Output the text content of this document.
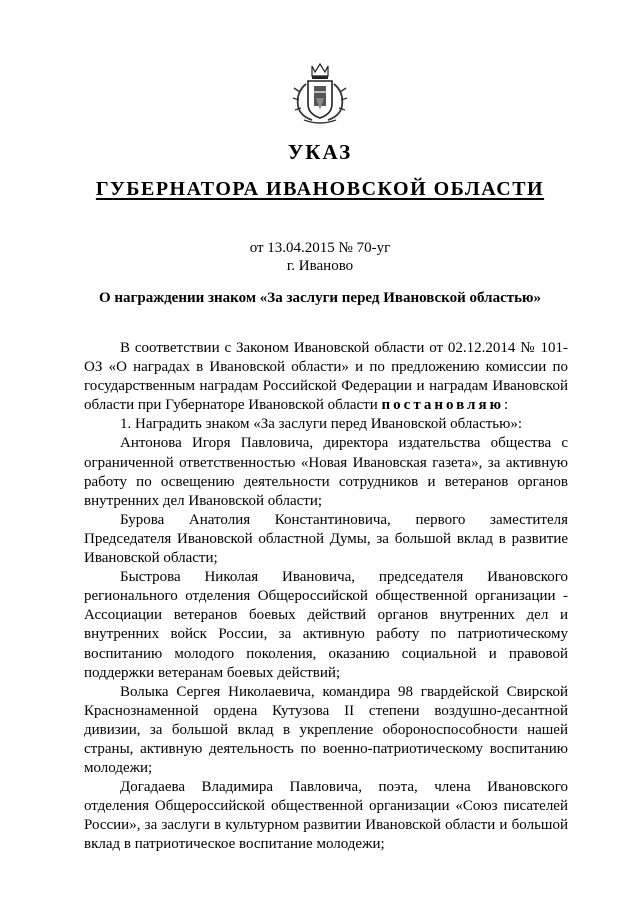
УКАЗ
ГУБЕРНАТОРА ИВАНОВСКОЙ ОБЛАСТИ
от 13.04.2015 № 70-уг
г. Иваново
О награждении знаком «За заслуги перед Ивановской областью»

В соответствии с Законом Ивановской области от 02.12.2014 № 101-ОЗ «О наградах в Ивановской области» и по предложению комиссии по государственным наградам Российской Федерации и наградам Ивановской области при Губернаторе Ивановской области постановляю:

1. Наградить знаком «За заслуги перед Ивановской областью»:

Антонова Игоря Павловича, директора издательства общества с ограниченной ответственностью «Новая Ивановская газета», за активную работу по освещению деятельности сотрудников и ветеранов органов внутренних дел Ивановской области;

Бурова Анатолия Константиновича, первого заместителя Председателя Ивановской областной Думы, за большой вклад в развитие Ивановской области;

Быстрова Николая Ивановича, председателя Ивановского регионального отделения Общероссийской общественной организации - Ассоциации ветеранов боевых действий органов внутренних дел и внутренних войск России, за активную работу по патриотическому воспитанию молодого поколения, оказанию социальной и правовой поддержки ветеранам боевых действий;

Волыка Сергея Николаевича, командира 98 гвардейской Свирской Краснознаменной ордена Кутузова II степени воздушно-десантной дивизии, за большой вклад в укрепление обороноспособности нашей страны, активную деятельность по военно-патриотическому воспитанию молодежи;

Догадаева Владимира Павловича, поэта, члена Ивановского отделения Общероссийской общественной организации «Союз писателей России», за заслуги в культурном развитии Ивановской области и большой вклад в патриотическое воспитание молодежи;
